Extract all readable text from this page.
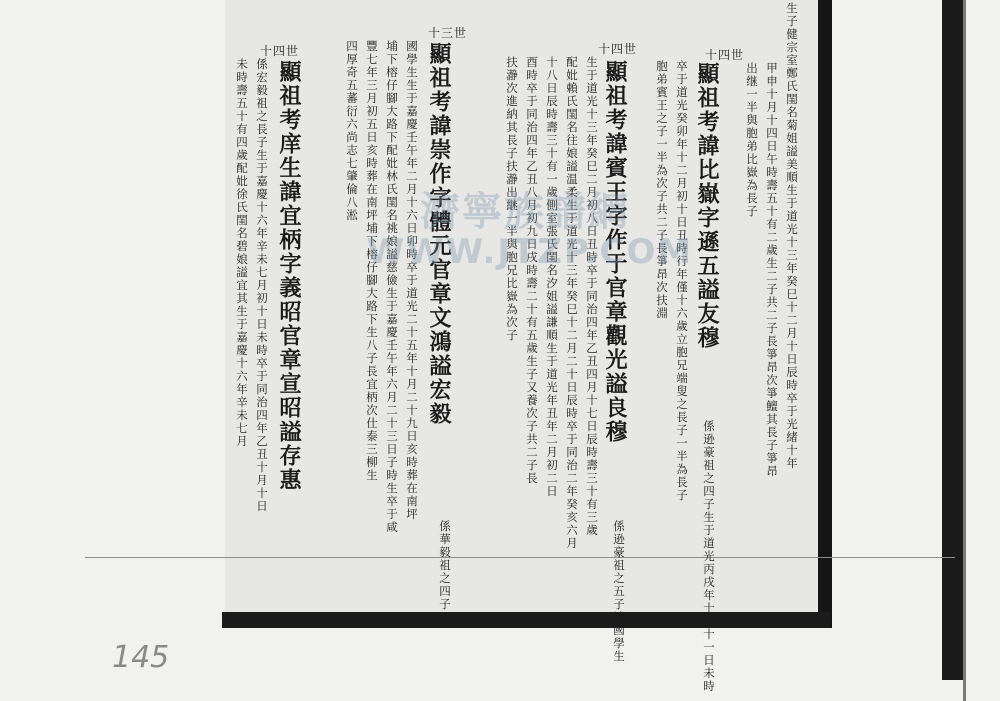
十四世
十四世
十三世
十四世	生子健宗室鄭氏閨名菊姐謚美順生于道光十三年癸巳十二月十日辰時卒于光緒十年
甲申十月十四日午時壽五十有二歲生二子共二子長箏昂次箏鱣其長子箏昂
出继一半與胞弟比嶽為長子
顯祖考諱比嶽字遜五謚友穆
係逊豪祖之四子生于道光丙戌年十月十一日未時
卒于道光癸卯年十二月初十日丑時行年僅十六歲立胞兄端叟之長子一半為長子
胞弟賓王之子一半為次子共二子長箏昂次扶淵
顯祖考諱賓王字作于官章觀光謚良穆
係逊豪祖之五子補國學生
生于道光十三年癸巳二月初八日丑時卒于同治四年乙丑四月十七日辰時壽三十有三歲
配妣賴氏閨名往娘謚温柔生于道光十三年癸巳十二月二十日辰時卒于同治二年癸亥六月
十八日辰時壽三十有一歲側室張氏閨名汐姐謚謙順生于道光年丑年二月初二日
酉時卒于同治四年乙丑八月初九日戌時壽二十有五歲生子又養次子共二子長
扶瀞次進納其長子扶瀞出継一半與胞兄比嶽為次子
顯祖考諱崇作字體元官章文鴻謚宏毅
係華毅祖之四子
國學生生于嘉慶壬午年二月十六日卯時卒于道光二十五年十月二十九日亥時葬在南坪
埔下榕仔腳大路下配妣林氏閨名祧娘謚慈儉生于嘉慶壬午年六月二十三日子時生卒于咸
豐七年三月初五日亥時葬在南坪埔下榕仔腳大路下生八子長宜柄次仕泰三柳生
四厚奇五蕃衍六尚志七肇倫八淞
顯祖考庠生諱宜柄字義昭官章宣昭謚存惠
係宏毅祖之長子生于嘉慶十六年辛未七月初十日未時卒于同治四年乙丑十月十日
未時壽五十有四歲配妣徐氏閨名碧娘謚宜其生于嘉慶十六年辛未七月	濟寧族譜網
WWW.JTZP.COM
145
